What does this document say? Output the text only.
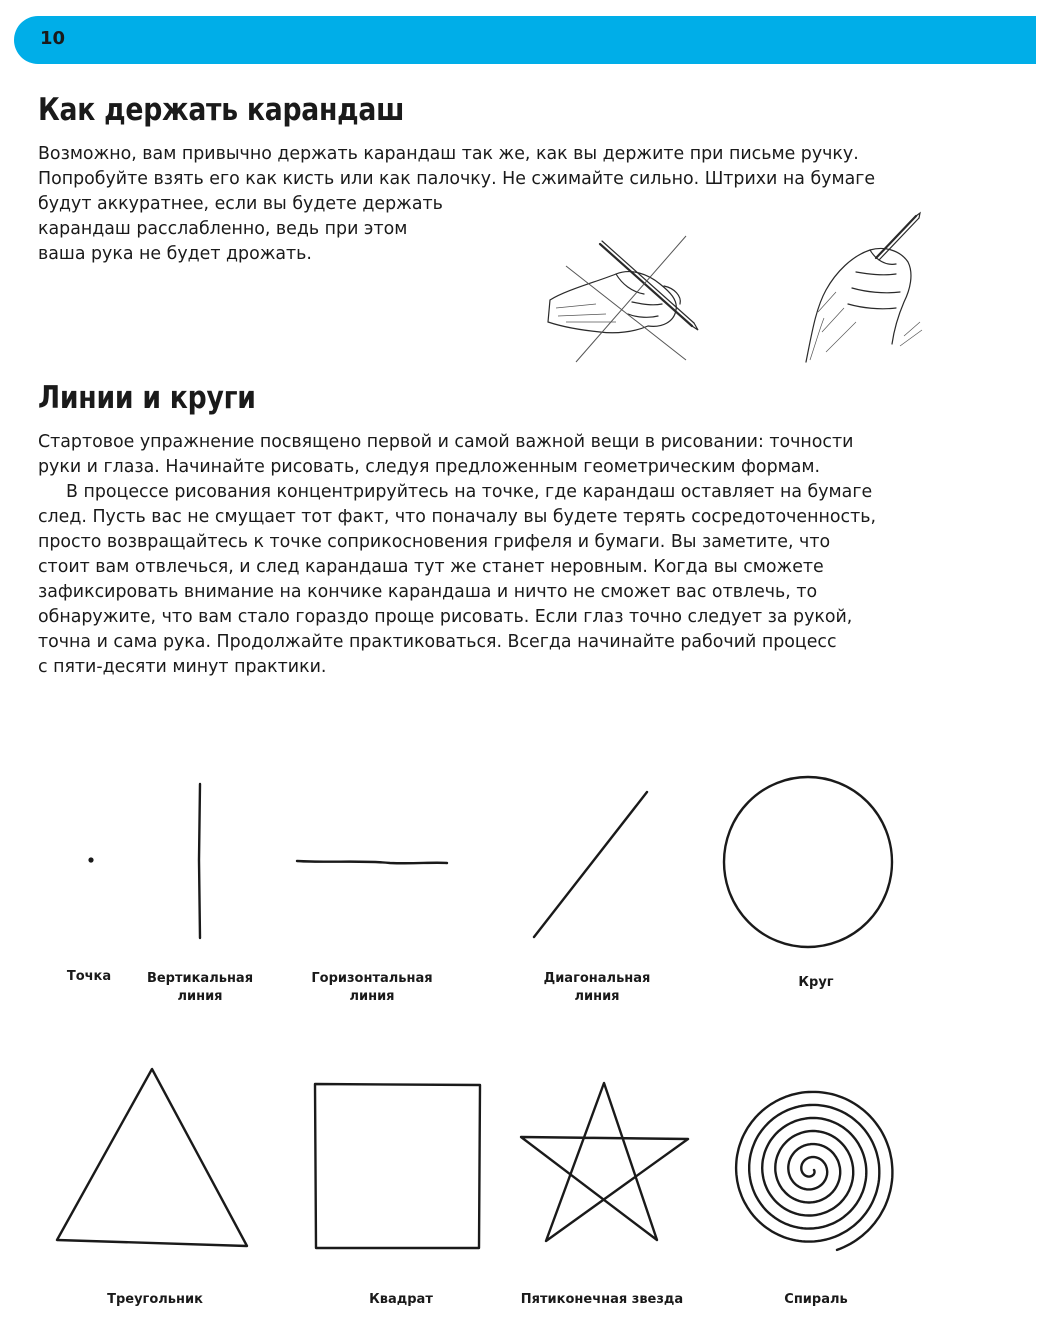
10
Как держать карандаш

Возможно, вам привычно держать карандаш так же, как вы держите при письме ручку.

Попробуйте взять его как кисть или как палочку. Не сжимайте сильно. Штрихи на бумаге

будут аккуратнее, если вы будете держать

карандаш расслабленно, ведь при этом

ваша рука не будет дрожать.

Линии и круги

Стартовое упражнение посвящено первой и самой важной вещи в рисовании: точности

руки и глаза. Начинайте рисовать, следуя предложенным геометрическим формам.

В процессе рисования концентрируйтесь на точке, где карандаш оставляет на бумаге

след. Пусть вас не смущает тот факт, что поначалу вы будете терять сосредоточенность,

просто возвращайтесь к точке соприкосновения грифеля и бумаги. Вы заметите, что

стоит вам отвлечься, и след карандаша тут же станет неровным. Когда вы сможете

зафиксировать внимание на кончике карандаша и ничто не сможет вас отвлечь, то

обнаружите, что вам стало гораздо проще рисовать. Если глаз точно следует за рукой,

точна и сама рука. Продолжайте практиковаться. Всегда начинайте рабочий процесс

с пяти-десяти минут практики.

Точка	Вертикальная
линия
Горизонтальная
линия
Диагональная
линия
Круг
Треугольник	Квадрат	Пятиконечная звезда	Спираль
